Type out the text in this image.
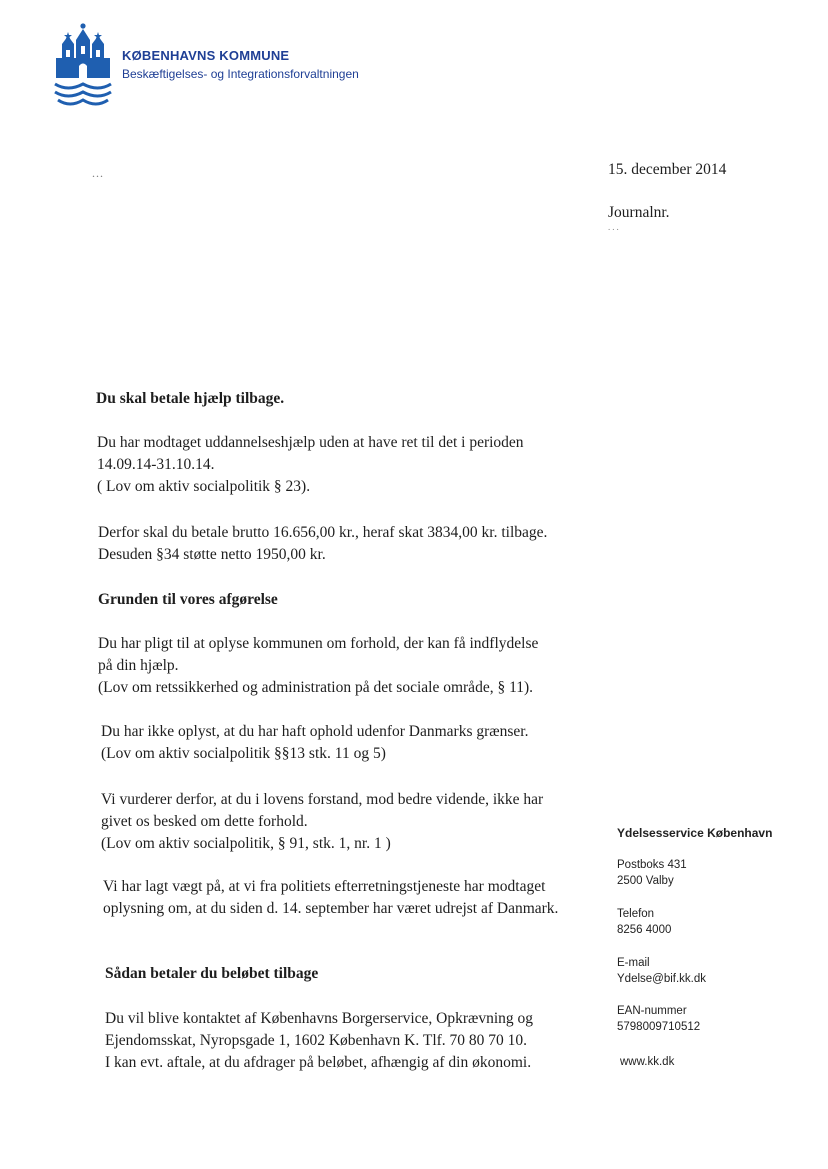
KØBENHAVNS KOMMUNE
Beskæftigelses- og Integrationsforvaltningen
...	15. december 2014
Journalnr.
...
Du skal betale hjælp tilbage.
Du har modtaget uddannelseshjælp uden at have ret til det i perioden
14.09.14-31.10.14.
( Lov om aktiv socialpolitik § 23).
Derfor skal du betale brutto 16.656,00 kr., heraf skat 3834,00 kr. tilbage.
Desuden §34 støtte netto 1950,00 kr.
Grunden til vores afgørelse
Du har pligt til at oplyse kommunen om forhold, der kan få indflydelse
på din hjælp.
(Lov om retssikkerhed og administration på det sociale område, § 11).
Du har ikke oplyst, at du har haft ophold udenfor Danmarks grænser.
(Lov om aktiv socialpolitik §§13 stk. 11 og 5)
Vi vurderer derfor, at du i lovens forstand, mod bedre vidende, ikke har
givet os besked om dette forhold.
(Lov om aktiv socialpolitik, § 91, stk. 1, nr. 1 )
Vi har lagt vægt på, at vi fra politiets efterretningstjeneste har modtaget
oplysning om, at du siden d. 14. september har været udrejst af Danmark.
Sådan betaler du beløbet tilbage
Du vil blive kontaktet af Københavns Borgerservice, Opkrævning og
Ejendomsskat, Nyropsgade 1, 1602 København K. Tlf. 70 80 70 10.
I kan evt. aftale, at du afdrager på beløbet, afhængig af din økonomi.
Ydelsesservice København
Postboks 431
2500 Valby
Telefon
8256 4000
E-mail
Ydelse@bif.kk.dk
EAN-nummer
5798009710512
www.kk.dk
